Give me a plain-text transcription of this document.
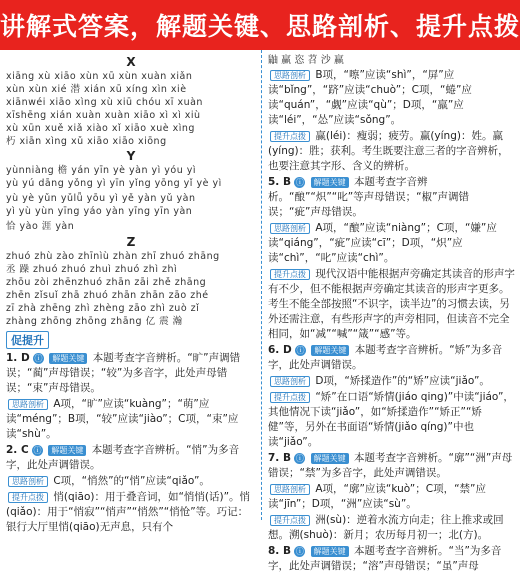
讲解式答案，解题关键、思路剖析、提升点拨
X
xiāng xù xiāo xùn xū xùn xuàn xiǎn
xùn xùn xié 潜 xián xū xíng xìn xiè
xiānwéi xiāo xìng xù xiū chóu xī xuàn
xīshēng xián xuàn xuàn xiāo xì xì xiù
xù xūn xuě xiǎ xiào xǐ xiāo xuè xìng
朽 xiān xìng xǔ xiāo xiāo xiōng
Y
yùnniàng 檐 yán yīn yè yàn yì yóu yì
yù yú dāng yǒng yì yīn yǐng yōng yǐ yè yì
yù yè yǔn yǔlǚ yōu yì yě yàn yǔ yàn
yì yù yùn yīng yáo yàn yīng yīn yàn
恰 yào 涯 yàn
Z
zhuó zhù zào zhīnìù zhàn zhī zhuó zhāng
丞 躁 zhuó zhuó zhuì zhuó zhì zhì
zhōu zòi zhēnzhuó zhān zāi zhě zhāng
zhēn zǐsuǐ zhā zhuó zhān zhān zāo zhé
zī zhà zhēng zhì zhèng zāo zhì zuò zǐ
zhàng zhōng zhōng zhāng 亿 震 瀚
促提升
1. D ⓘ 解题关键 本题考查字音辨析。“旷”声调错误；“蔺”声母错误；“较”为多音字，此处声母错误；“束”声母错误。
思路剖析 A项，“旷”应读“kuàng”；“萌”应读“méng”；B项，“较”应读“jiào”；C项，“束”应读“shù”。
2. C ⓘ 解题关键 本题考查字音辨析。“悄”为多音字，此处声调错误。
思路剖析 C项，“悄然”的“悄”应读“qiǎo”。
提升点拨 悄(qiāo)：用于叠音词，如“悄悄(话)”。悄(qiǎo)：用于“悄寂”“悄声”“悄然”“悄怆”等。巧记：银行大厅里悄(qiāo)无声息，只有个
鼬 赢 恣 苕 沙 赢
思路剖析 B项，“嚓”应读“shì”，“屏”应读“bǐng”，“跻”应读“chuò”；C项，“蜷”应读“quán”，“觑”应读“qù”；D项，“羸”应读“léi”，“怂”应读“sǒng”。
提升点拨 赢(léi)：瘦弱；疲劳。赢(yíng)：姓。赢(yíng)：胜；获利。考生既要注意三者的字音辨析，也要注意其字形、含义的辨析。
5. B ⓘ 解题关键 本题考查字音辨析。“酿”“炽”“叱”等声母错误；“椒”声调错误；“疵”声母错误。
思路剖析 A项，“酿”应读“niàng”；C项，“嫌”应读“qiáng”，“疵”应读“cī”；D项，“炽”应读“chì”，“叱”应读“chì”。
提升点拨 现代汉语中能根据声旁确定其读音的形声字有不少，但不能根据声旁确定其读音的形声字更多。考生不能全部按照“不识字，读半边”的习惯去读，另外还需注意，有些形声字的声旁相同，但读音不完全相同，如“减”“喊”“箴”“感”等。
6. D ⓘ 解题关键 本题考查字音辨析。“矫”为多音字，此处声调错误。
思路剖析 D项，“矫揉造作”的“矫”应读“jiǎo”。
提升点拨 “矫”在口语“矫情(jiáo qing)”中读“jiáo”，其他情况下读“jiǎo”，如“矫揉造作”“矫正”“矫健”等，另外在书面语“矫情(jiǎo qíng)”中也读“jiǎo”。
7. B ⓘ 解题关键 本题考查字音辨析。“廓”“洲”声母错误；“禁”为多音字，此处声调错误。
思路剖析 A项，“廓”应读“kuò”；C项，“禁”应读“jīn”；D项，“洲”应读“sù”。
提升点拨 洲(sù)：逆着水流方向走；往上推求或回想。溯(shuò)：新月；农历每月初一；北(方)。
8. B ⓘ 解题关键 本题考查字音辨析。“当”为多音字，此处声调错误；“溶”声母错误；“虽”声母
